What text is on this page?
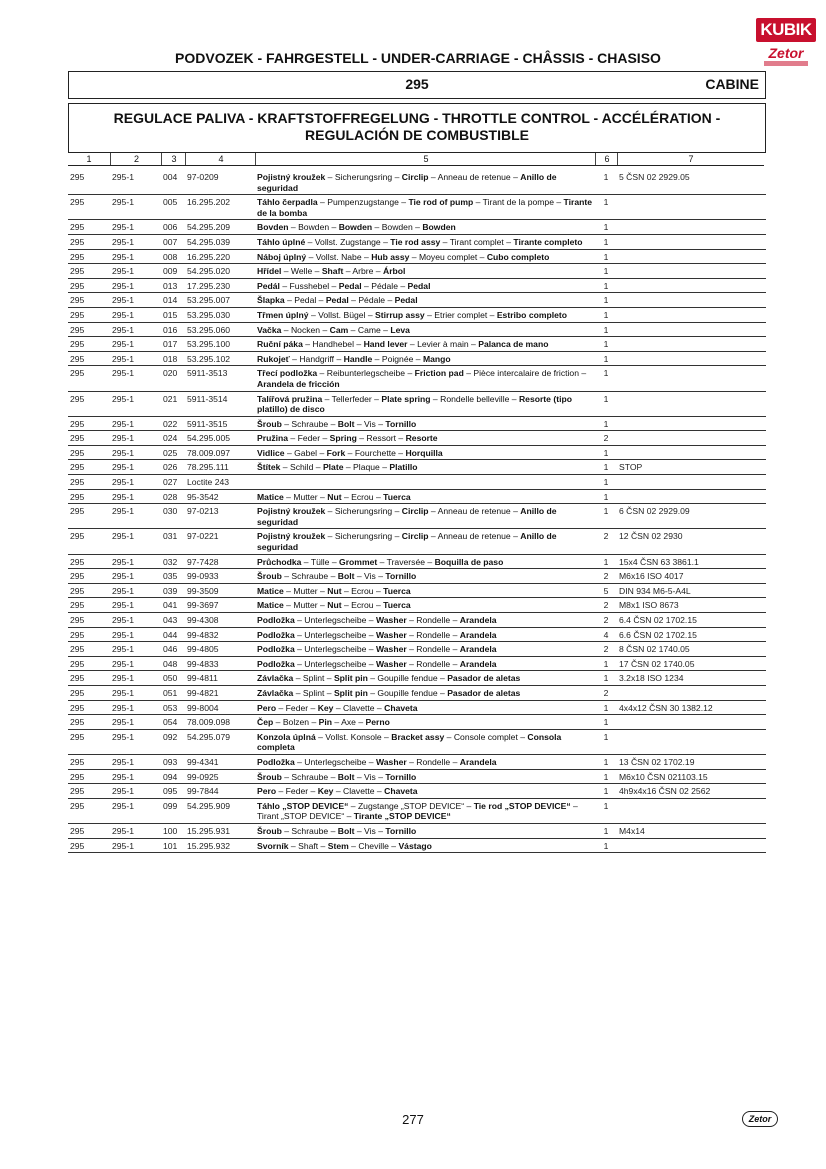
KUBIK
Zetor
PODVOZEK - FAHRGESTELL - UNDER-CARRIAGE - CHÂSSIS - CHASISO
295	CABINE
REGULACE PALIVA - KRAFTSTOFFREGELUNG - THROTTLE CONTROL - ACCÉLÉRATION -
REGULACIÓN DE COMBUSTIBLE
1	2	3	4	5	6	7
295	295-1	004	97-0209	Pojistný kroužek – Sicherungsring – Circlip – Anneau de retenue – Anillo de seguridad	1	5 ČSN 02 2929.05
295	295-1	005	16.295.202	Táhlo čerpadla – Pumpenzugstange – Tie rod of pump – Tirant de la pompe – Tirante de la bomba	1	
295	295-1	006	54.295.209	Bovden – Bowden – Bowden – Bowden – Bowden	1	
295	295-1	007	54.295.039	Táhlo úplné – Vollst. Zugstange – Tie rod assy – Tirant complet – Tirante completo	1	
295	295-1	008	16.295.220	Náboj úplný – Vollst. Nabe – Hub assy – Moyeu complet – Cubo completo	1	
295	295-1	009	54.295.020	Hřídel – Welle – Shaft – Arbre – Árbol	1	
295	295-1	013	17.295.230	Pedál – Fusshebel – Pedal – Pédale – Pedal	1	
295	295-1	014	53.295.007	Šlapka – Pedal – Pedal – Pédale – Pedal	1	
295	295-1	015	53.295.030	Třmen úplný – Vollst. Bügel – Stirrup assy – Etrier complet – Estribo completo	1	
295	295-1	016	53.295.060	Vačka – Nocken – Cam – Came – Leva	1	
295	295-1	017	53.295.100	Ruční páka – Handhebel – Hand lever – Levier à main – Palanca de mano	1	
295	295-1	018	53.295.102	Rukojeť – Handgriff – Handle – Poignée – Mango	1	
295	295-1	020	5911-3513	Třecí podložka – Reibunterlegscheibe – Friction pad – Pièce intercalaire de friction – Arandela de fricción	1	
295	295-1	021	5911-3514	Talířová pružina – Tellerfeder – Plate spring – Rondelle belleville – Resorte (tipo platillo) de disco	1	
295	295-1	022	5911-3515	Šroub – Schraube – Bolt – Vis – Tornillo	1	
295	295-1	024	54.295.005	Pružina – Feder – Spring – Ressort – Resorte	2	
295	295-1	025	78.009.097	Vidlice – Gabel – Fork – Fourchette – Horquilla	1	
295	295-1	026	78.295.111	Štítek – Schild – Plate – Plaque – Platillo	1	STOP
295	295-1	027	Loctite 243		1	
295	295-1	028	95-3542	Matice – Mutter – Nut – Ecrou – Tuerca	1	
295	295-1	030	97-0213	Pojistný kroužek – Sicherungsring – Circlip – Anneau de retenue – Anillo de seguridad	1	6 ČSN 02 2929.09
295	295-1	031	97-0221	Pojistný kroužek – Sicherungsring – Circlip – Anneau de retenue – Anillo de seguridad	2	12 ČSN 02 2930
295	295-1	032	97-7428	Průchodka – Tülle – Grommet – Traversée – Boquilla de paso	1	15x4 ČSN 63 3861.1
295	295-1	035	99-0933	Šroub – Schraube – Bolt – Vis – Tornillo	2	M6x16 ISO 4017
295	295-1	039	99-3509	Matice – Mutter – Nut – Ecrou – Tuerca	5	DIN 934 M6-5-A4L
295	295-1	041	99-3697	Matice – Mutter – Nut – Ecrou – Tuerca	2	M8x1 ISO 8673
295	295-1	043	99-4308	Podložka – Unterlegscheibe – Washer – Rondelle – Arandela	2	6.4 ČSN 02 1702.15
295	295-1	044	99-4832	Podložka – Unterlegscheibe – Washer – Rondelle – Arandela	4	6.6 ČSN 02 1702.15
295	295-1	046	99-4805	Podložka – Unterlegscheibe – Washer – Rondelle – Arandela	2	8 ČSN 02 1740.05
295	295-1	048	99-4833	Podložka – Unterlegscheibe – Washer – Rondelle – Arandela	1	17 ČSN 02 1740.05
295	295-1	050	99-4811	Závlačka – Splint – Split pin – Goupille fendue – Pasador de aletas	1	3.2x18 ISO 1234
295	295-1	051	99-4821	Závlačka – Splint – Split pin – Goupille fendue – Pasador de aletas	2	
295	295-1	053	99-8004	Pero – Feder – Key – Clavette – Chaveta	1	4x4x12 ČSN 30 1382.12
295	295-1	054	78.009.098	Čep – Bolzen – Pin – Axe – Perno	1	
295	295-1	092	54.295.079	Konzola úplná – Vollst. Konsole – Bracket assy – Console complet – Consola completa	1	
295	295-1	093	99-4341	Podložka – Unterlegscheibe – Washer – Rondelle – Arandela	1	13 ČSN 02 1702.19
295	295-1	094	99-0925	Šroub – Schraube – Bolt – Vis – Tornillo	1	M6x10 ČSN 021103.15
295	295-1	095	99-7844	Pero – Feder – Key – Clavette – Chaveta	1	4h9x4x16 ČSN 02 2562
295	295-1	099	54.295.909	Táhlo „STOP DEVICE“ – Zugstange „STOP DEVICE“ – Tie rod „STOP DEVICE“ – Tirant „STOP DEVICE“ – Tirante „STOP DEVICE“	1	
295	295-1	100	15.295.931	Šroub – Schraube – Bolt – Vis – Tornillo	1	M4x14
295	295-1	101	15.295.932	Svorník – Shaft – Stem – Cheville – Vástago	1	
277	Zetor
